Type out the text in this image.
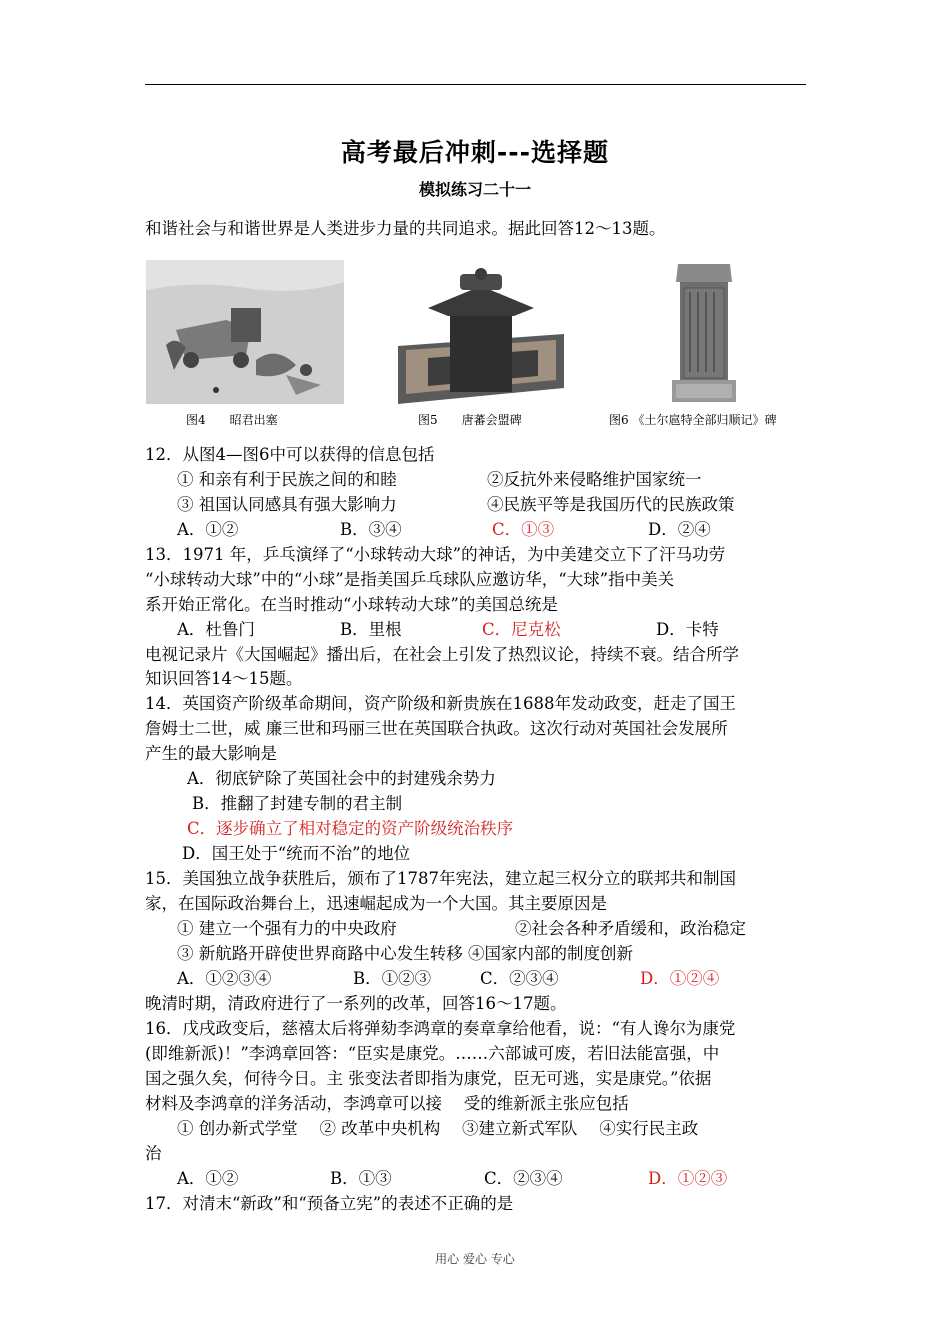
高考最后冲刺---选择题
模拟练习二十一
和谐社会与和谐世界是人类进步力量的共同追求。据此回答12～13题。
图4　　昭君出塞	图5　　唐蕃会盟碑	图6 《土尔扈特全部归顺记》碑
12．从图4—图6中可以获得的信息包括
① 和亲有利于民族之间的和睦	②反抗外来侵略维护国家统一
③ 祖国认同感具有强大影响力	④民族平等是我国历代的民族政策
A．①②	B．③④	C．①③	D．②④
13．1971 年，乒乓演绎了“小球转动大球”的神话，为中美建交立下了汗马功劳
“小球转动大球”中的“小球”是指美国乒乓球队应邀访华，“大球”指中美关
系开始正常化。在当时推动“小球转动大球”的美国总统是
A．杜鲁门	B．里根	C．尼克松	D．卡特
电视记录片《大国崛起》播出后，在社会上引发了热烈议论，持续不衰。结合所学
知识回答14～15题。
14．英国资产阶级革命期间，资产阶级和新贵族在1688年发动政变，赶走了国王
詹姆士二世，威 廉三世和玛丽三世在英国联合执政。这次行动对英国社会发展所
产生的最大影响是
A．彻底铲除了英国社会中的封建残余势力
B．推翻了封建专制的君主制
C．逐步确立了相对稳定的资产阶级统治秩序
D．国王处于“统而不治”的地位
15．美国独立战争获胜后，颁布了1787年宪法，建立起三权分立的联邦共和制国
家，在国际政治舞台上，迅速崛起成为一个大国。其主要原因是
① 建立一个强有力的中央政府	②社会各种矛盾缓和，政治稳定
③ 新航路开辟使世界商路中心发生转移 ④国家内部的制度创新
A．①②③④	B．①②③	C．②③④	D．①②④
晚清时期，清政府进行了一系列的改革，回答16～17题。
16．戊戌政变后，慈禧太后将弹劾李鸿章的奏章拿给他看，说：“有人谗尔为康党
(即维新派)！”李鸿章回答：“臣实是康党。……六部诚可废，若旧法能富强，中
国之强久矣，何待今日。主 张变法者即指为康党，臣无可逃，实是康党。”依据
材料及李鸿章的洋务活动，李鸿章可以接　 受的维新派主张应包括
① 创办新式学堂　 ② 改革中央机构　 ③建立新式军队　 ④实行民主政
治
A．①②	B．①③	C．②③④	D．①②③
17．对清末“新政”和“预备立宪”的表述不正确的是
用心 爱心 专心
